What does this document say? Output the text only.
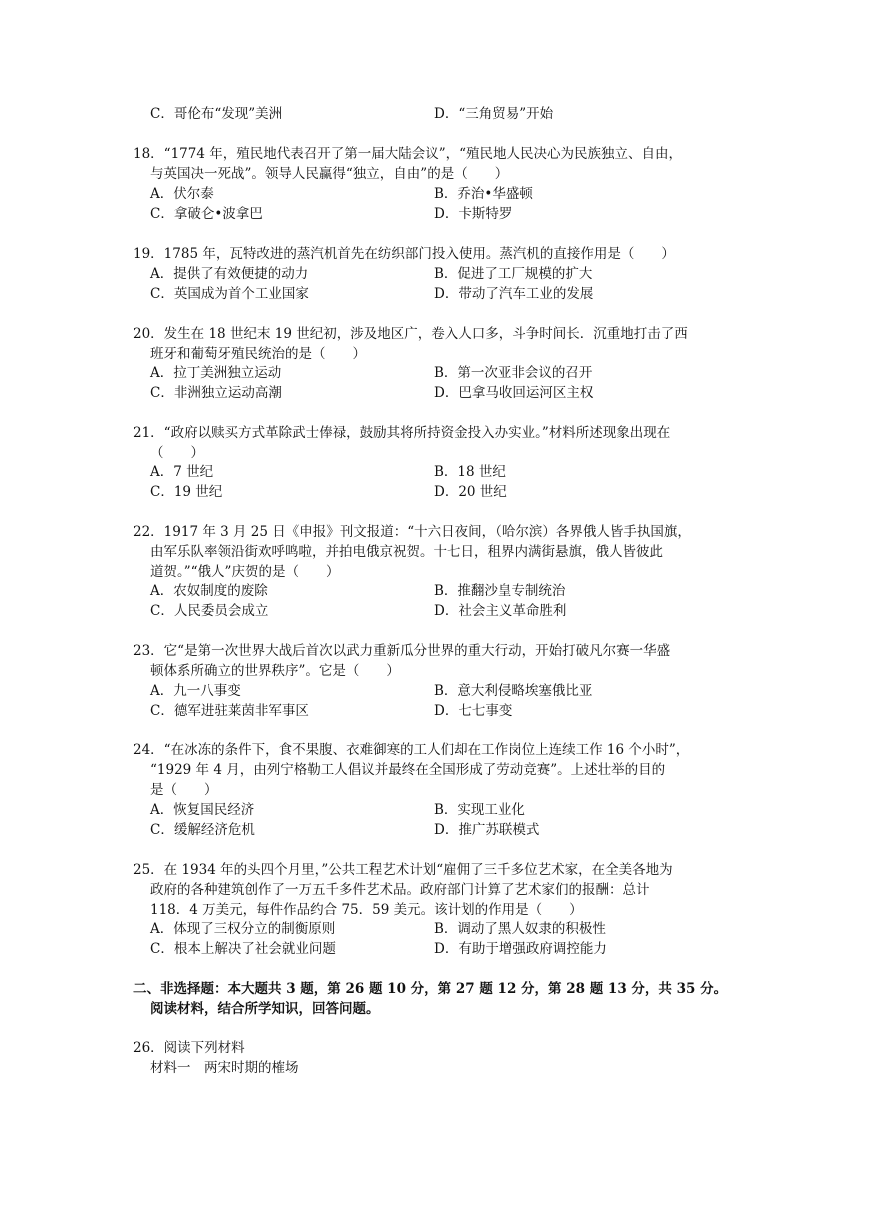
C．哥伦布“发现”美洲	D．“三角贸易”开始
18．“1774 年，殖民地代表召开了第一届大陆会议”，“殖民地人民决心为民族独立、自由，
与英国决一死战”。领导人民赢得“独立，自由”的是（　　）
A．伏尔泰	B．乔治•华盛顿
C．拿破仑•波拿巴	D．卡斯特罗
19．1785 年，瓦特改进的蒸汽机首先在纺织部门投入使用。蒸汽机的直接作用是（　　）
A．提供了有效便捷的动力	B．促进了工厂规模的扩大
C．英国成为首个工业国家	D．带动了汽车工业的发展
20．发生在 18 世纪末 19 世纪初，涉及地区广，卷入人口多，斗争时间长．沉重地打击了西
班牙和葡萄牙殖民统治的是（　　）
A．拉丁美洲独立运动	B．第一次亚非会议的召开
C．非洲独立运动高潮	D．巴拿马收回运河区主权
21．“政府以赎买方式革除武士俸禄，鼓励其将所持资金投入办实业。”材料所述现象出现在
（　　）
A．7 世纪	B．18 世纪
C．19 世纪	D．20 世纪
22．1917 年 3 月 25 日《申报》刊文报道：“十六日夜间，（哈尔滨）各界俄人皆手执国旗，
由军乐队率领沿街欢呼鸣啦，并拍电俄京祝贺。十七日，租界内满街悬旗，俄人皆彼此
道贺。”“俄人”庆贺的是（　　）
A．农奴制度的废除	B．推翻沙皇专制统治
C．人民委员会成立	D．社会主义革命胜利
23．它“是第一次世界大战后首次以武力重新瓜分世界的重大行动，开始打破凡尔赛一华盛
顿体系所确立的世界秩序”。它是（　　）
A．九一八事变	B．意大利侵略埃塞俄比亚
C．德军进驻莱茵非军事区	D．七七事变
24．“在冰冻的条件下，食不果腹、衣难御寒的工人们却在工作岗位上连续工作 16 个小时”，
“1929 年 4 月，由列宁格勒工人倡议并最终在全国形成了劳动竞赛”。上述壮举的目的
是（　　）
A．恢复国民经济	B．实现工业化
C．缓解经济危机	D．推广苏联模式
25．在 1934 年的头四个月里，”公共工程艺术计划“雇佣了三千多位艺术家，在全美各地为
政府的各种建筑创作了一万五千多件艺术品。政府部门计算了艺术家们的报酬：总计
118．4 万美元，每件作品约合 75．59 美元。该计划的作用是（　　）
A．体现了三权分立的制衡原则	B．调动了黑人奴隶的积极性
C．根本上解决了社会就业问题	D．有助于增强政府调控能力
二、非选择题：本大题共 3 题，第 26 题 10 分，第 27 题 12 分，第 28 题 13 分，共 35 分。
阅读材料，结合所学知识，回答问题。
26．阅读下列材料
材料一　两宋时期的榷场
